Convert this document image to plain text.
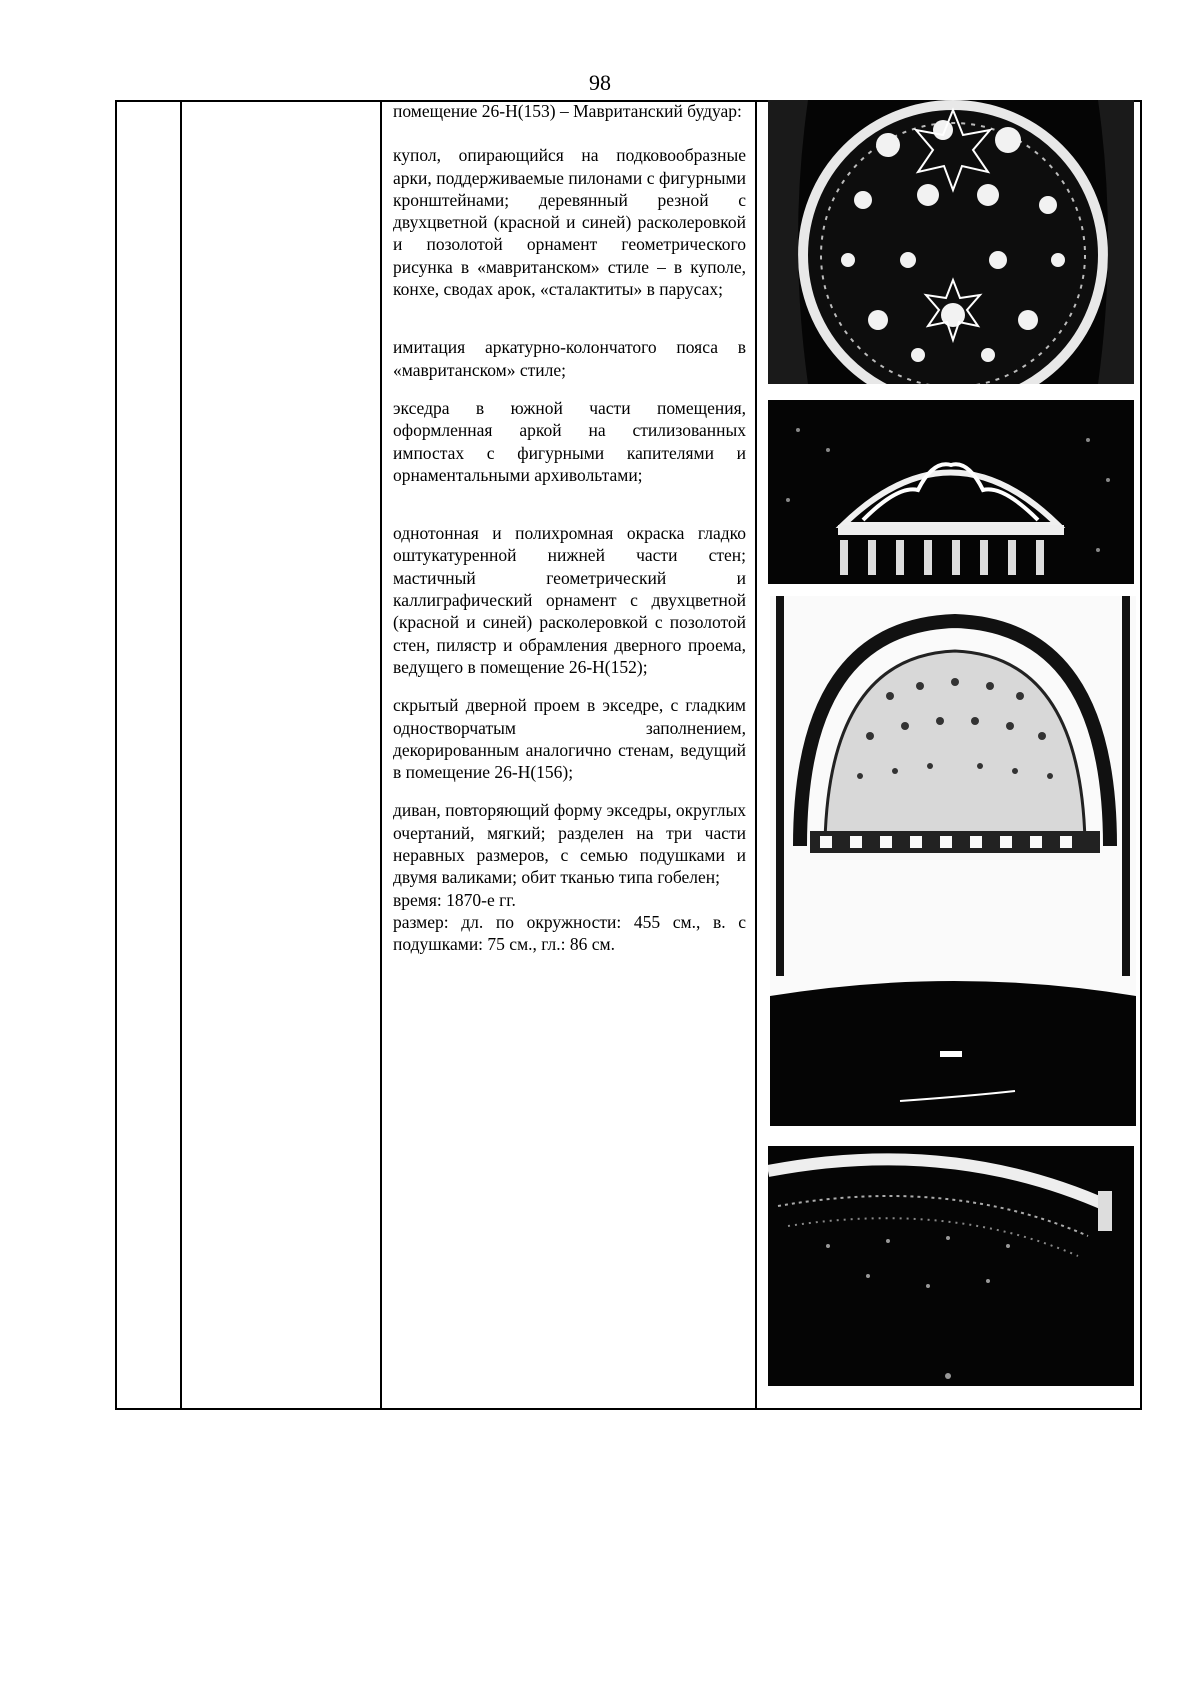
98

помещение 26-Н(153) – Мавританский будуар:

купол, опирающийся на подковообразные арки, поддерживаемые пилонами с фигурными кронштейнами; деревянный резной с двухцветной (красной и синей) расколеровкой и позолотой орнамент геометрического рисунка в «мавританском» стиле – в куполе, конхе, сводах арок, «сталактиты» в парусах;

имитация аркатурно-колончатого пояса в «мавританском» стиле;

экседра в южной части помещения, оформленная аркой на стилизованных импостах с фигурными капителями и орнаментальными архивольтами;

однотонная и полихромная окраска гладко оштукатуренной нижней части стен; мастичный геометрический и каллиграфический орнамент с двухцветной (красной и синей) расколеровкой с позолотой стен, пилястр и обрамления дверного проема, ведущего в помещение 26-Н(152);

скрытый дверной проем в экседре, с гладким одностворчатым заполнением, декорированным аналогично стенам, ведущий в помещение 26-Н(156);

диван, повторяющий форму экседры, округлых очертаний, мягкий; разделен на три части неравных размеров, с семью подушками и двумя валиками; обит тканью типа гобелен;

время: 1870-е гг.

размер: дл. по окружности: 455 см., в. с подушками: 75 см., гл.: 86 см.
